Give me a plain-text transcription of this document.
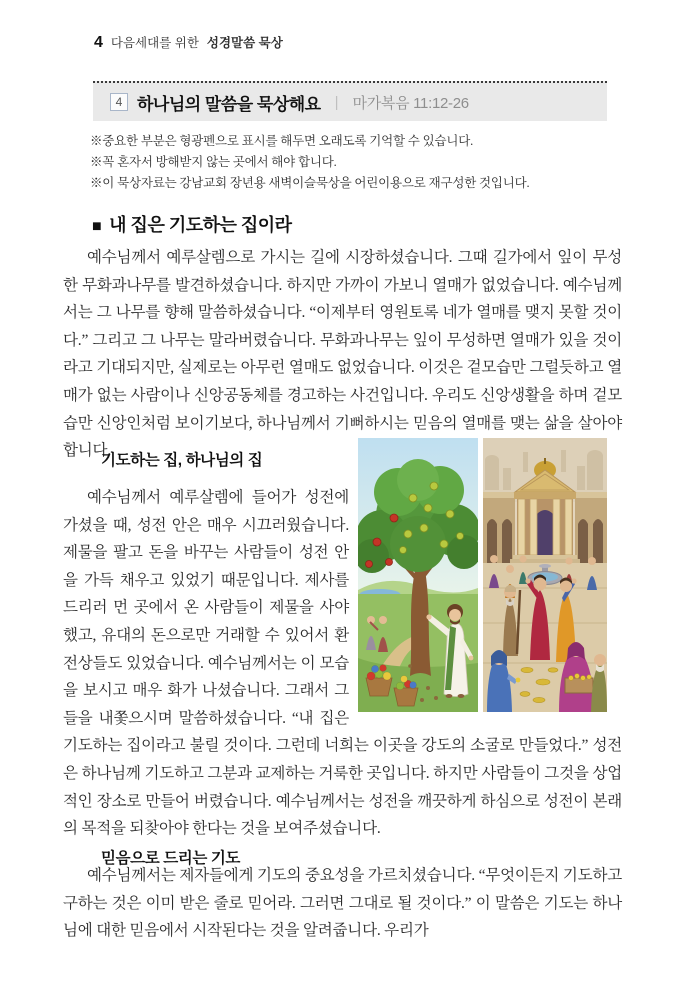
4 다음세대를 위한 성경말씀 묵상
4 하나님의 말씀을 묵상해요 | 마가복음 11:12-26
※중요한 부분은 형광펜으로 표시를 해두면 오래도록 기억할 수 있습니다.
※꼭 혼자서 방해받지 않는 곳에서 해야 합니다.
※이 묵상자료는 강남교회 장년용 새벽이슬묵상을 어린이용으로 재구성한 것입니다.
■ 내 집은 기도하는 집이라

예수님께서 예루살렘으로 가시는 길에 시장하셨습니다. 그때 길가에서 잎이 무성한 무화과나무를 발견하셨습니다. 하지만 가까이 가보니 열매가 없었습니다. 예수님께서는 그 나무를 향해 말씀하셨습니다. “이제부터 영원토록 네가 열매를 맺지 못할 것이다.” 그리고 그 나무는 말라버렸습니다. 무화과나무는 잎이 무성하면 열매가 있을 것이라고 기대되지만, 실제로는 아무런 열매도 없었습니다. 이것은 겉모습만 그럴듯하고 열매가 없는 사람이나 신앙공동체를 경고하는 사건입니다. 우리도 신앙생활을 하며 겉모습만 신앙인처럼 보이기보다, 하나님께서 기뻐하시는 믿음의 열매를 맺는 삶을 살아야 합니다.

기도하는 집, 하나님의 집

예수님께서 예루살렘에 들어가 성전에 가셨을 때, 성전 안은 매우 시끄러웠습니다. 제물을 팔고 돈을 바꾸는 사람들이 성전 안을 가득 채우고 있었기 때문입니다. 제사를 드리러 먼 곳에서 온 사람들이 제물을 사야 했고, 유대의 돈으로만 거래할 수 있어서 환전상들도 있었습니다. 예수님께서는 이 모습을 보시고 매우 화가 나셨습니다. 그래서 그들을 내쫓으시며 말씀하셨습니다. “내 집은 기도하는 집이라고 불릴 것이다. 그런데 너희는 이곳을 강도의 소굴로 만들었다.” 성전은 하나님께 기도하고 그분과 교제하는 거룩한 곳입니다. 하지만 사람들이 그것을 상업적인 장소로 만들어 버렸습니다. 예수님께서는 성전을 깨끗하게 하심으로 성전이 본래의 목적을 되찾아야 한다는 것을 보여주셨습니다.

믿음으로 드리는 기도

예수님께서는 제자들에게 기도의 중요성을 가르치셨습니다. “무엇이든지 기도하고 구하는 것은 이미 받은 줄로 믿어라. 그러면 그대로 될 것이다.” 이 말씀은 기도는 하나님에 대한 믿음에서 시작된다는 것을 알려줍니다. 우리가
